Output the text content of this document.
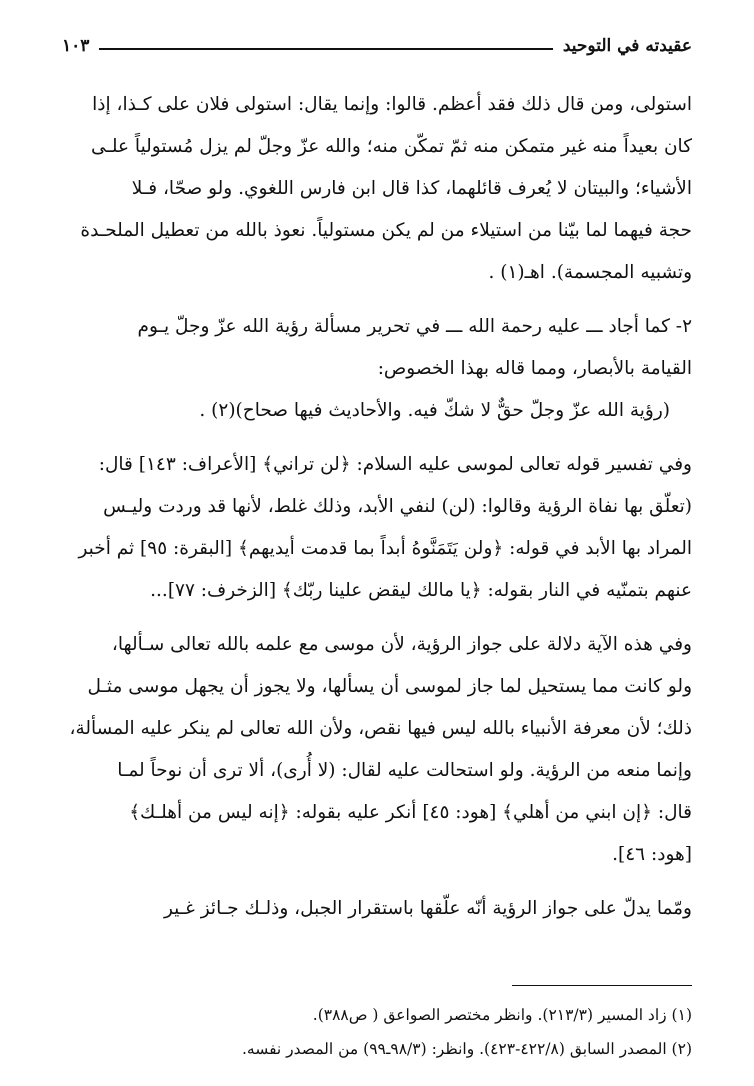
عقيدته في التوحيد
١٠٣

استولى، ومن قال ذلك فقد أعظم. قالوا: وإنما يقال: استولى فلان على كـذا، إذا

كان بعيداً منه غير متمكن منه ثمّ تمكّن منه؛ والله عزّ وجلّ لم يزل مُستولياً علـى

الأشياء؛ والبيتان لا يُعرف قائلهما، كذا قال ابن فارس اللغوي. ولو صحّا، فـلا

حجة فيهما لما بيّنا من استيلاء من لم يكن مستولياً. نعوذ بالله من تعطيل الملحـدة

وتشبيه المجسمة). اهـ(١) .

٢- كما أجاد ـــ عليه رحمة الله ـــ في تحرير مسألة رؤية الله عزّ وجلّ يـوم

القيامة بالأبصار، ومما قاله بهذا الخصوص:

(رؤية الله عزّ وجلّ حقٌّ لا شكّ فيه. والأحاديث فيها صحاح)(٢) .

وفي تفسير قوله تعالى لموسى عليه السلام: ﴿لن تراني﴾ [الأعراف: ١٤٣] قال:

(تعلّق بها نفاة الرؤية وقالوا: (لن) لنفي الأبد، وذلك غلط، لأنها قد وردت وليـس

المراد بها الأبد في قوله: ﴿ولن يَتَمَنَّوهُ أبداً بما قدمت أيديهم﴾ [البقرة: ٩٥] ثم أخبر

عنهم بتمنّيه في النار بقوله: ﴿يا مالك ليقض علينا ربّك﴾ [الزخرف: ٧٧]...

وفي هذه الآية دلالة على جواز الرؤية، لأن موسى مع علمه بالله تعالى سـألها،

ولو كانت مما يستحيل لما جاز لموسى أن يسألها، ولا يجوز أن يجهل موسى مثـل

ذلك؛ لأن معرفة الأنبياء بالله ليس فيها نقص، ولأن الله تعالى لم ينكر عليه المسألة،

وإنما منعه من الرؤية. ولو استحالت عليه لقال: (لا أُرى)، ألا ترى أن نوحاً لمـا

قال: ﴿إن ابني من أهلي﴾ [هود: ٤٥] أنكر عليه بقوله: ﴿إنه ليس من أهلـك﴾

[هود: ٤٦].

ومّما يدلّ على جواز الرؤية أنّه علّقها باستقرار الجبل، وذلـك جـائز غـير

(١) زاد المسير (٢١٣/٣). وانظر مختصر الصواعق ( ص٣٨٨).

(٢) المصدر السابق (٤٢٢/٨-٤٢٣). وانظر: (٩٨/٣ـ٩٩) من المصدر نفسه.
